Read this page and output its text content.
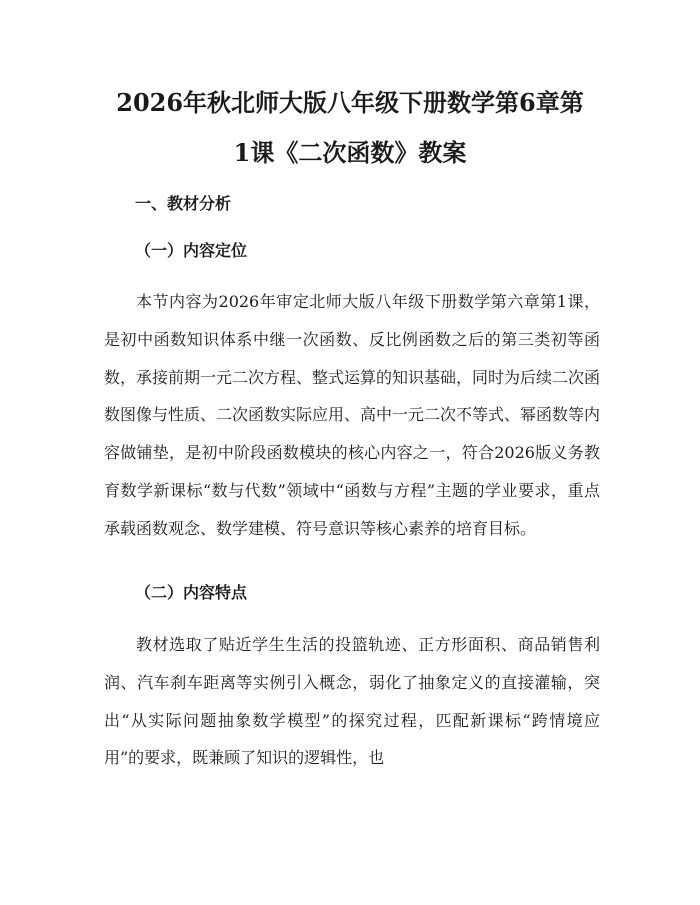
2026年秋北师大版八年级下册数学第6章第
1课《二次函数》教案
一、教材分析
（一）内容定位

本节内容为2026年审定北师大版八年级下册数学第六章第1课，是初中函数知识体系中继一次函数、反比例函数之后的第三类初等函数，承接前期一元二次方程、整式运算的知识基础，同时为后续二次函数图像与性质、二次函数实际应用、高中一元二次不等式、幂函数等内容做铺垫，是初中阶段函数模块的核心内容之一，符合2026版义务教育数学新课标“数与代数”领域中“函数与方程”主题的学业要求，重点承载函数观念、数学建模、符号意识等核心素养的培育目标。

（二）内容特点

教材选取了贴近学生生活的投篮轨迹、正方形面积、商品销售利润、汽车刹车距离等实例引入概念，弱化了抽象定义的直接灌输，突出“从实际问题抽象数学模型”的探究过程，匹配新课标“跨情境应用”的要求，既兼顾了知识的逻辑性，也
